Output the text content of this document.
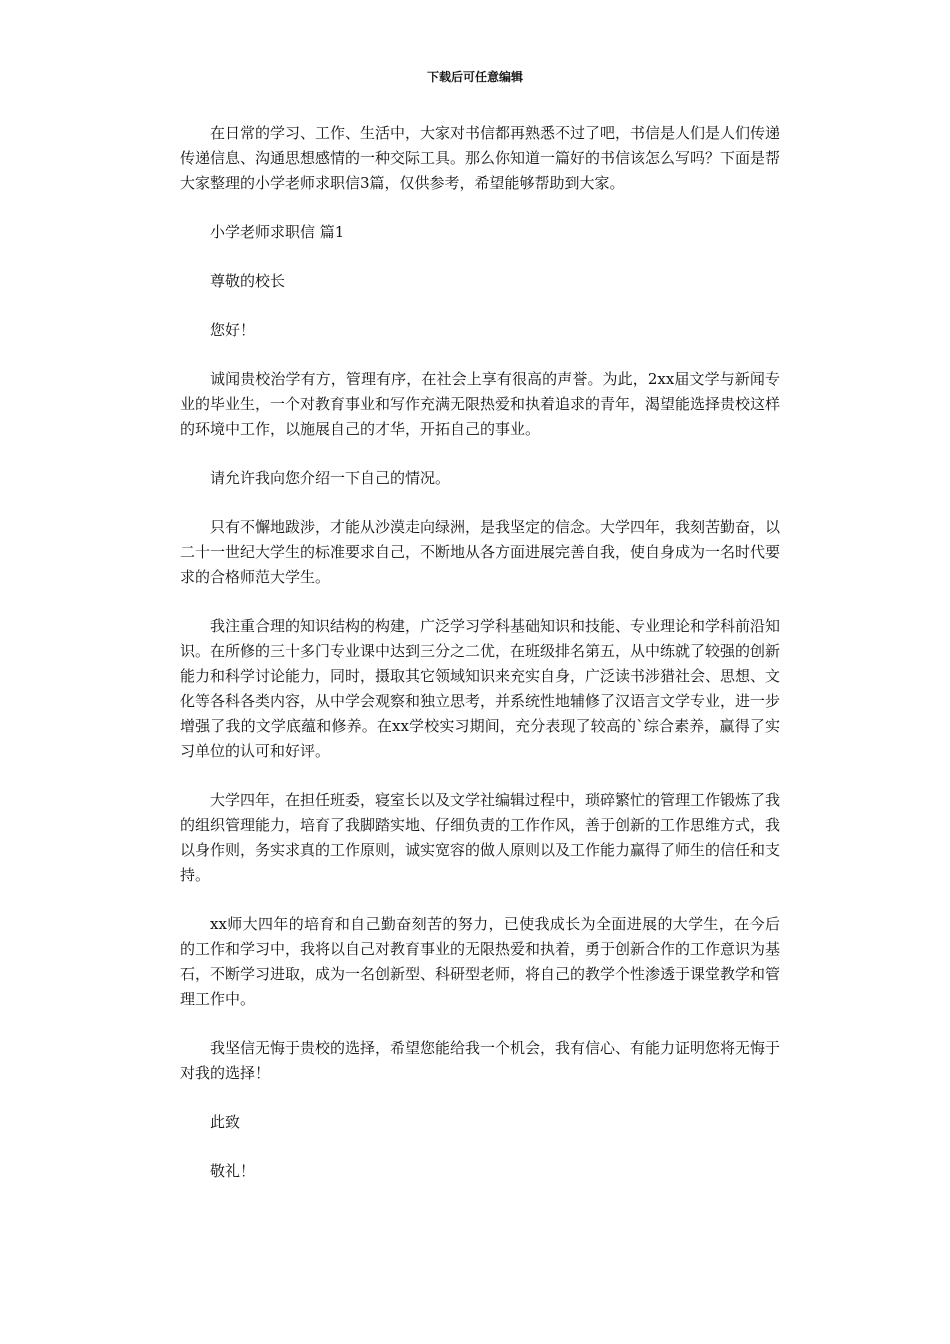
下载后可任意编辑

在日常的学习、工作、生活中，大家对书信都再熟悉不过了吧，书信是人们是人们传递传递信息、沟通思想感情的一种交际工具。那么你知道一篇好的书信该怎么写吗？下面是帮大家整理的小学老师求职信3篇，仅供参考，希望能够帮助到大家。

小学老师求职信 篇1

尊敬的校长

您好！

诚闻贵校治学有方，管理有序，在社会上享有很高的声誉。为此，2xx届文学与新闻专业的毕业生，一个对教育事业和写作充满无限热爱和执着追求的青年，渴望能选择贵校这样的环境中工作，以施展自己的才华，开拓自己的事业。

请允许我向您介绍一下自己的情况。

只有不懈地跋涉，才能从沙漠走向绿洲，是我坚定的信念。大学四年，我刻苦勤奋，以二十一世纪大学生的标准要求自己，不断地从各方面进展完善自我，使自身成为一名时代要求的合格师范大学生。

我注重合理的知识结构的构建，广泛学习学科基础知识和技能、专业理论和学科前沿知识。在所修的三十多门专业课中达到三分之二优，在班级排名第五，从中练就了较强的创新能力和科学讨论能力，同时，摄取其它领域知识来充实自身，广泛读书涉猎社会、思想、文化等各科各类内容，从中学会观察和独立思考，并系统性地辅修了汉语言文学专业，进一步增强了我的文学底蕴和修养。在xx学校实习期间，充分表现了较高的`综合素养，赢得了实习单位的认可和好评。

大学四年，在担任班委，寝室长以及文学社编辑过程中，琐碎繁忙的管理工作锻炼了我的组织管理能力，培育了我脚踏实地、仔细负责的工作作风，善于创新的工作思维方式，我以身作则，务实求真的工作原则，诚实宽容的做人原则以及工作能力赢得了师生的信任和支持。

xx师大四年的培育和自己勤奋刻苦的努力，已使我成长为全面进展的大学生，在今后的工作和学习中，我将以自己对教育事业的无限热爱和执着，勇于创新合作的工作意识为基石，不断学习进取，成为一名创新型、科研型老师，将自己的教学个性渗透于课堂教学和管理工作中。

我坚信无悔于贵校的选择，希望您能给我一个机会，我有信心、有能力证明您将无悔于对我的选择！

此致

敬礼！
